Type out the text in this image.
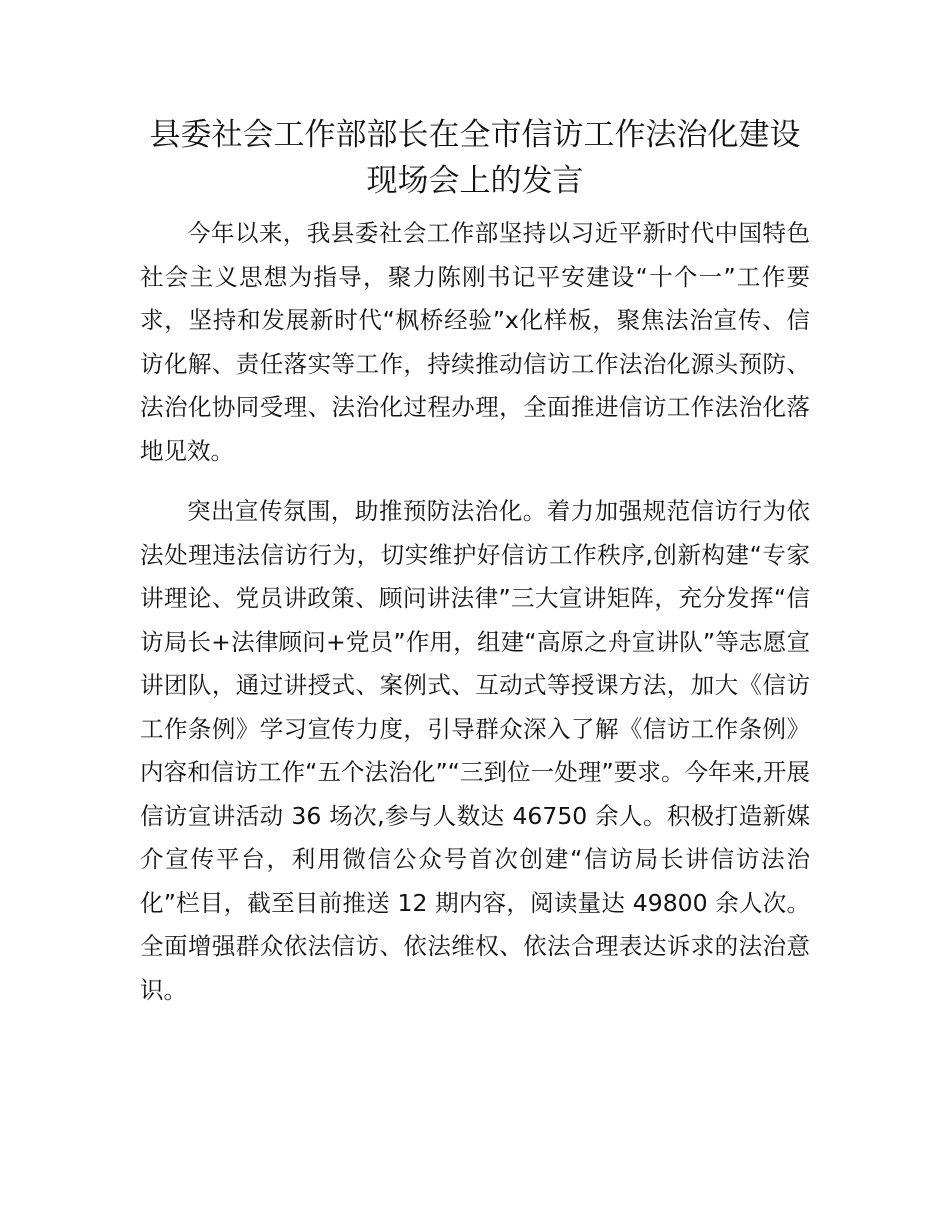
县委社会工作部部长在全市信访工作法治化建设现场会上的发言

今年以来，我县委社会工作部坚持以习近平新时代中国特色社会主义思想为指导，聚力陈刚书记平安建设“十个一”工作要求，坚持和发展新时代“枫桥经验”x化样板，聚焦法治宣传、信访化解、责任落实等工作，持续推动信访工作法治化源头预防、法治化协同受理、法治化过程办理，全面推进信访工作法治化落地见效。

突出宣传氛围，助推预防法治化。着力加强规范信访行为依法处理违法信访行为，切实维护好信访工作秩序,创新构建“专家讲理论、党员讲政策、顾问讲法律”三大宣讲矩阵，充分发挥“信访局长+法律顾问+党员”作用，组建“高原之舟宣讲队”等志愿宣讲团队，通过讲授式、案例式、互动式等授课方法，加大《信访工作条例》学习宣传力度，引导群众深入了解《信访工作条例》内容和信访工作“五个法治化”“三到位一处理”要求。今年来,开展信访宣讲活动 36 场次,参与人数达 46750 余人。积极打造新媒介宣传平台，利用微信公众号首次创建“信访局长讲信访法治化”栏目，截至目前推送 12 期内容，阅读量达 49800 余人次。全面增强群众依法信访、依法维权、依法合理表达诉求的法治意识。
